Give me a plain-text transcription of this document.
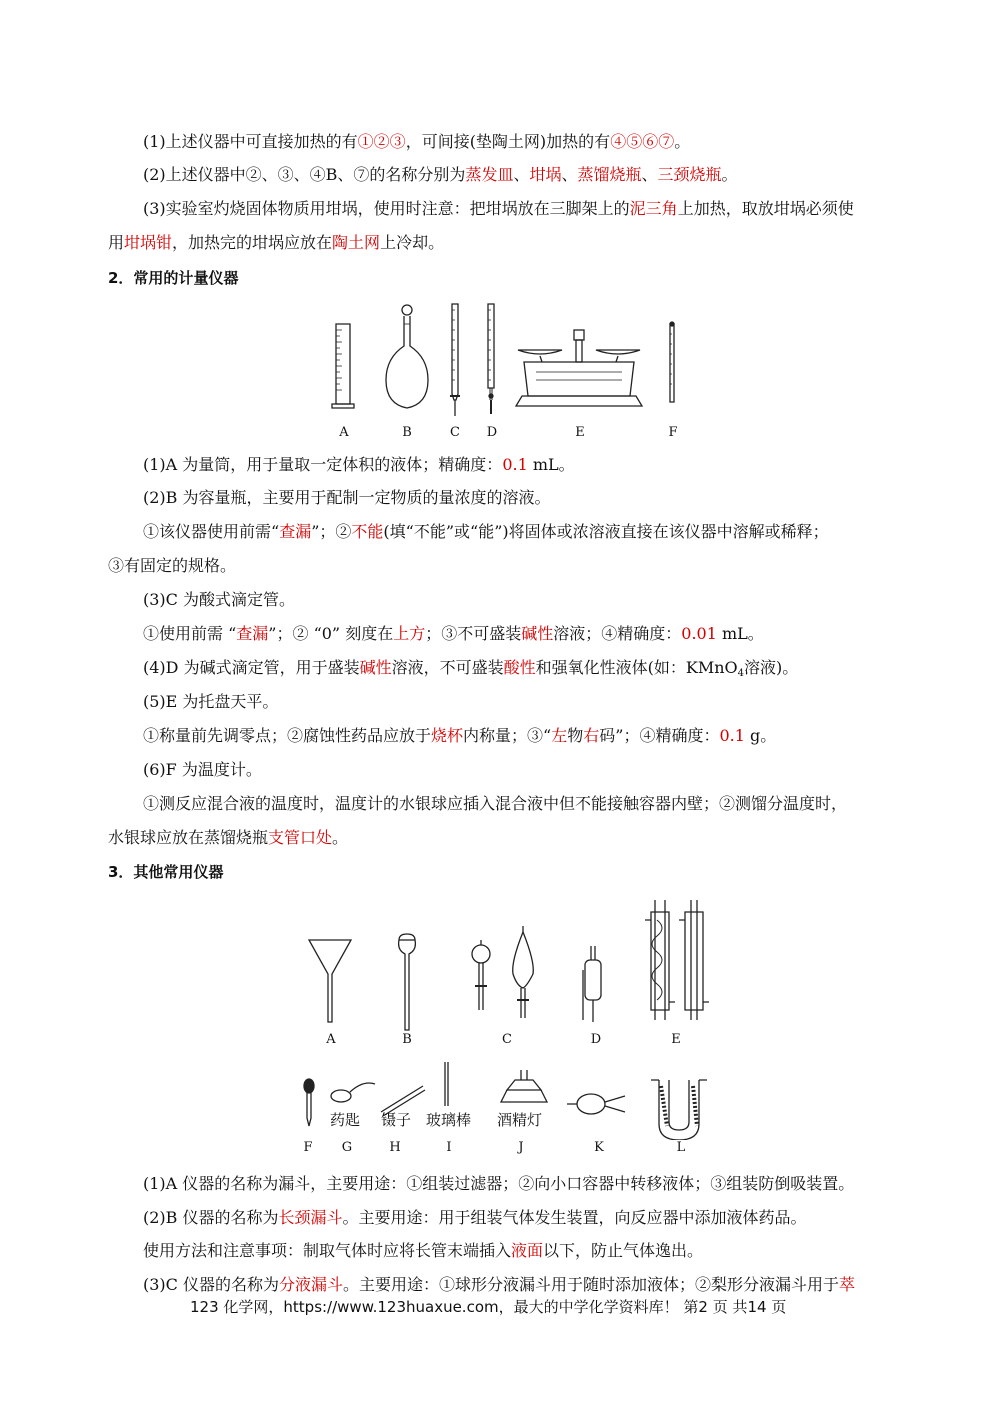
(1)上述仪器中可直接加热的有①②③，可间接(垫陶土网)加热的有④⑤⑥⑦。
(2)上述仪器中②、③、④B、⑦的名称分别为蒸发皿、坩埚、蒸馏烧瓶、三颈烧瓶。
(3)实验室灼烧固体物质用坩埚，使用时注意：把坩埚放在三脚架上的泥三角上加热，取放坩埚必须使
用坩埚钳，加热完的坩埚应放在陶土网上冷却。
2．常用的计量仪器
A	B	C	D	E	F
(1)A 为量筒，用于量取一定体积的液体；精确度：0.1 mL。
(2)B 为容量瓶，主要用于配制一定物质的量浓度的溶液。
①该仪器使用前需“查漏”；②不能(填“不能”或“能”)将固体或浓溶液直接在该仪器中溶解或稀释；
③有固定的规格。
(3)C 为酸式滴定管。
①使用前需 “查漏”；② “0” 刻度在上方；③不可盛装碱性溶液；④精确度：0.01 mL。
(4)D 为碱式滴定管，用于盛装碱性溶液，不可盛装酸性和强氧化性液体(如：KMnO$_4$溶液)。
(5)E 为托盘天平。
①称量前先调零点；②腐蚀性药品应放于烧杯内称量；③“左物右码”；④精确度：0.1 g。
(6)F 为温度计。
①测反应混合液的温度时，温度计的水银球应插入混合液中但不能接触容器内壁；②测馏分温度时，
水银球应放在蒸馏烧瓶支管口处。
3．其他常用仪器
A	B	C	D	E
药匙 镊子 玻璃棒 酒精灯
F	G	H	I	J	K	L
(1)A 仪器的名称为漏斗，主要用途：①组装过滤器；②向小口容器中转移液体；③组装防倒吸装置。
(2)B 仪器的名称为长颈漏斗。主要用途：用于组装气体发生装置，向反应器中添加液体药品。
使用方法和注意事项：制取气体时应将长管末端插入液面以下，防止气体逸出。
(3)C 仪器的名称为分液漏斗。主要用途：①球形分液漏斗用于随时添加液体；②梨形分液漏斗用于萃
123 化学网，https://www.123huaxue.com，最大的中学化学资料库！ 第2 页 共14 页
